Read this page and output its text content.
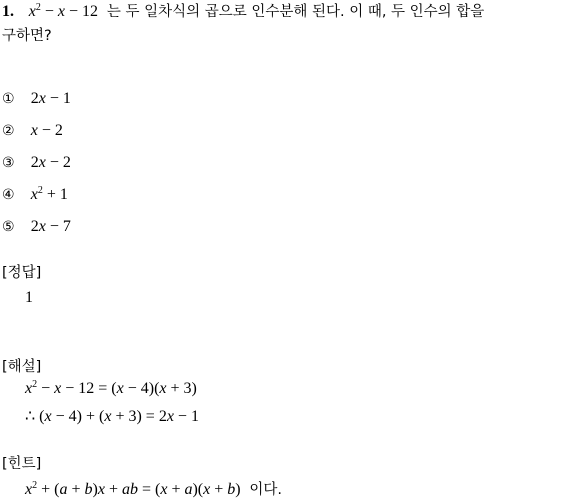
1. $x^2 - x - 12$ 는 두 일차식의 곱으로 인수분해 된다. 이 때, 두 인수의 합을
구하면?
① 2x − 1
② x − 2
③ 2x − 2
④ $x^2 + 1$
⑤ 2x − 7
[정답]
1
[해설]
$x^2 - x - 12 = (x - 4)(x + 3)$
∴ (x − 4) + (x + 3) = 2x − 1
[힌트]
$x^2 + (a + b)x$ + ab = (x + a)(x + b) 이다.
